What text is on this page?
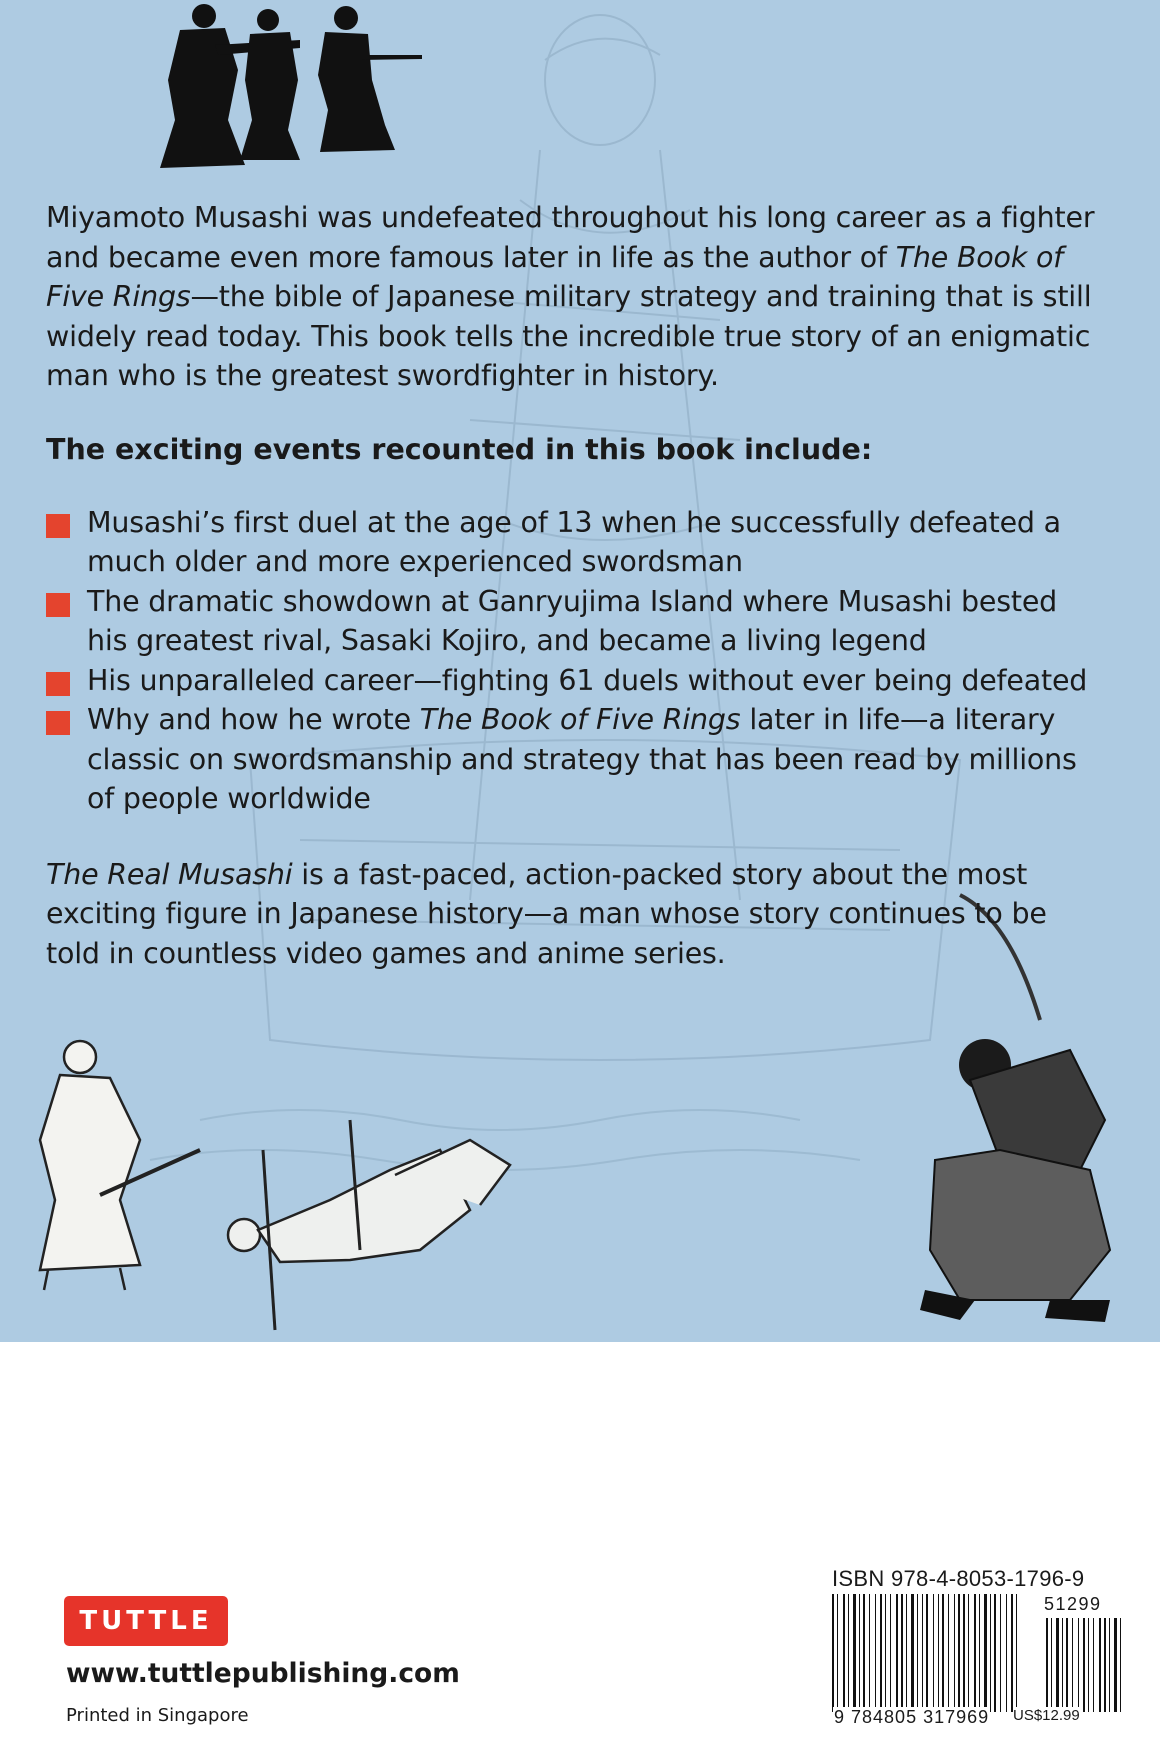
Miyamoto Musashi was undefeated throughout his long career as a fighter and became even more famous later in life as the author of The Book of Five Rings—the bible of Japanese military strategy and training that is still widely read today. This book tells the incredible true story of an enigmatic man who is the greatest swordfighter in history.

The exciting events recounted in this book include:

Musashi’s first duel at the age of 13 when he successfully defeated a much older and more experienced swordsman
The dramatic showdown at Ganryujima Island where Musashi bested his greatest rival, Sasaki Kojiro, and became a living legend
His unparalleled career—fighting 61 duels without ever being defeated
Why and how he wrote The Book of Five Rings later in life—a literary classic on swordsmanship and strategy that has been read by millions of people worldwide

The Real Musashi is a fast-paced, action-packed story about the most exciting figure in Japanese history—a man whose story continues to be told in countless video games and anime series.

TUTTLE
www.tuttlepublishing.com
Printed in Singapore
ISBN 978-4-8053-1796-9
51299
9 784805 317969 US$12.99
